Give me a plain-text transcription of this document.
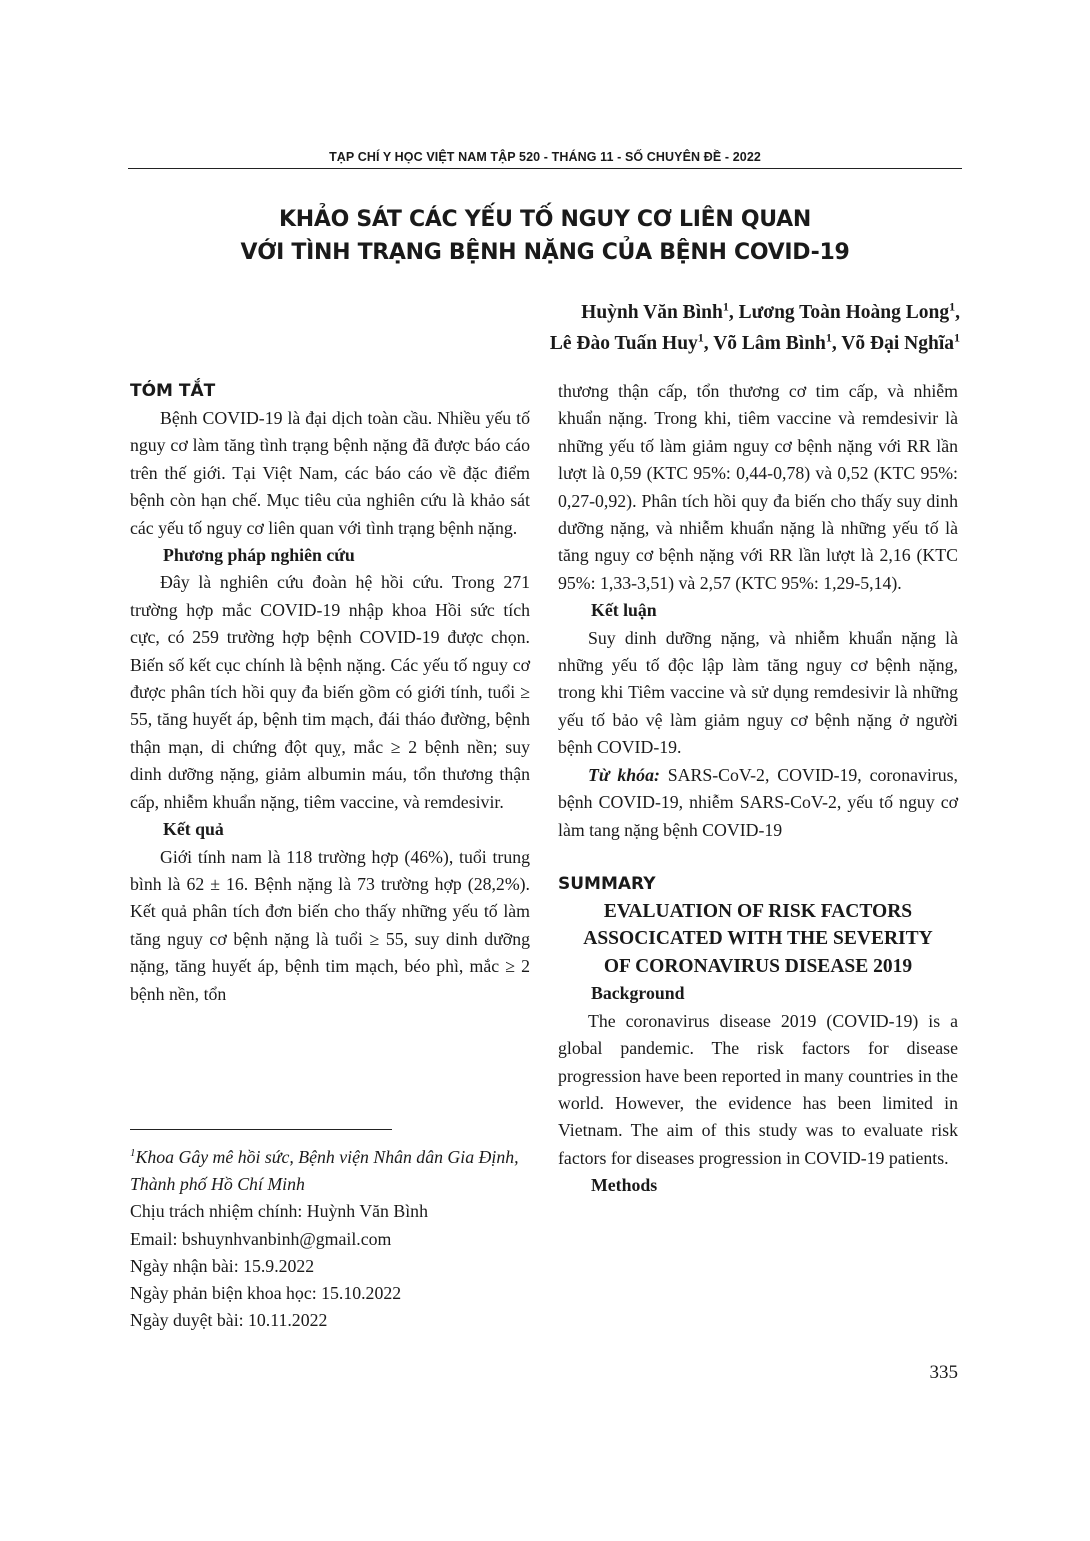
TẠP CHÍ Y HỌC VIỆT NAM TẬP 520 - THÁNG 11 - SỐ CHUYÊN ĐỀ - 2022
KHẢO SÁT CÁC YẾU TỐ NGUY CƠ LIÊN QUAN
VỚI TÌNH TRẠNG BỆNH NẶNG CỦA BỆNH COVID-19
Huỳnh Văn Bình$^1$, Lương Toàn Hoàng Long$^1$,
Lê Đào Tuấn Huy$^1$, Võ Lâm Bình$^1$, Võ Đại Nghĩa$^1$
TÓM TẮT

Bệnh COVID-19 là đại dịch toàn cầu. Nhiều yếu tố nguy cơ làm tăng tình trạng bệnh nặng đã được báo cáo trên thế giới. Tại Việt Nam, các báo cáo về đặc điểm bệnh còn hạn chế. Mục tiêu của nghiên cứu là khảo sát các yếu tố nguy cơ liên quan với tình trạng bệnh nặng.

Phương pháp nghiên cứu

Đây là nghiên cứu đoàn hệ hồi cứu. Trong 271 trường hợp mắc COVID-19 nhập khoa Hồi sức tích cực, có 259 trường hợp bệnh COVID-19 được chọn. Biến số kết cục chính là bệnh nặng. Các yếu tố nguy cơ được phân tích hồi quy đa biến gồm có giới tính, tuổi ≥ 55, tăng huyết áp, bệnh tim mạch, đái tháo đường, bệnh thận mạn, di chứng đột quỵ, mắc ≥ 2 bệnh nền; suy dinh dưỡng nặng, giảm albumin máu, tổn thương thận cấp, nhiễm khuẩn nặng, tiêm vaccine, và remdesivir.

Kết quả

Giới tính nam là 118 trường hợp (46%), tuổi trung bình là 62 ± 16. Bệnh nặng là 73 trường hợp (28,2%). Kết quả phân tích đơn biến cho thấy những yếu tố làm tăng nguy cơ bệnh nặng là tuổi ≥ 55, suy dinh dưỡng nặng, tăng huyết áp, bệnh tim mạch, béo phì, mắc ≥ 2 bệnh nền, tổn

thương thận cấp, tổn thương cơ tim cấp, và nhiễm khuẩn nặng. Trong khi, tiêm vaccine và remdesivir là những yếu tố làm giảm nguy cơ bệnh nặng với RR lần lượt là 0,59 (KTC 95%: 0,44-0,78) và 0,52 (KTC 95%: 0,27-0,92). Phân tích hồi quy đa biến cho thấy suy dinh dưỡng nặng, và nhiễm khuẩn nặng là những yếu tố là tăng nguy cơ bệnh nặng với RR lần lượt là 2,16 (KTC 95%: 1,33-3,51) và 2,57 (KTC 95%: 1,29-5,14).

Kết luận

Suy dinh dưỡng nặng, và nhiễm khuẩn nặng là những yếu tố độc lập làm tăng nguy cơ bệnh nặng, trong khi Tiêm vaccine và sử dụng remdesivir là những yếu tố bảo vệ làm giảm nguy cơ bệnh nặng ở người bệnh COVID-19.

Từ khóa: SARS-CoV-2, COVID-19, coronavirus, bệnh COVID-19, nhiễm SARS-CoV-2, yếu tố nguy cơ làm tang nặng bệnh COVID-19

SUMMARY
EVALUATION OF RISK FACTORS
ASSOCICATED WITH THE SEVERITY
OF CORONAVIRUS DISEASE 2019
Background

The coronavirus disease 2019 (COVID-19) is a global pandemic. The risk factors for disease progression have been reported in many countries in the world. However, the evidence has been limited in Vietnam. The aim of this study was to evaluate risk factors for diseases progression in COVID-19 patients.

Methods
$^1$Khoa Gây mê hồi sức, Bệnh viện Nhân dân Gia Định, Thành phố Hồ Chí Minh
Chịu trách nhiệm chính: Huỳnh Văn Bình
Email: bshuynhvanbinh@gmail.com
Ngày nhận bài: 15.9.2022
Ngày phản biện khoa học: 15.10.2022
Ngày duyệt bài: 10.11.2022
335
